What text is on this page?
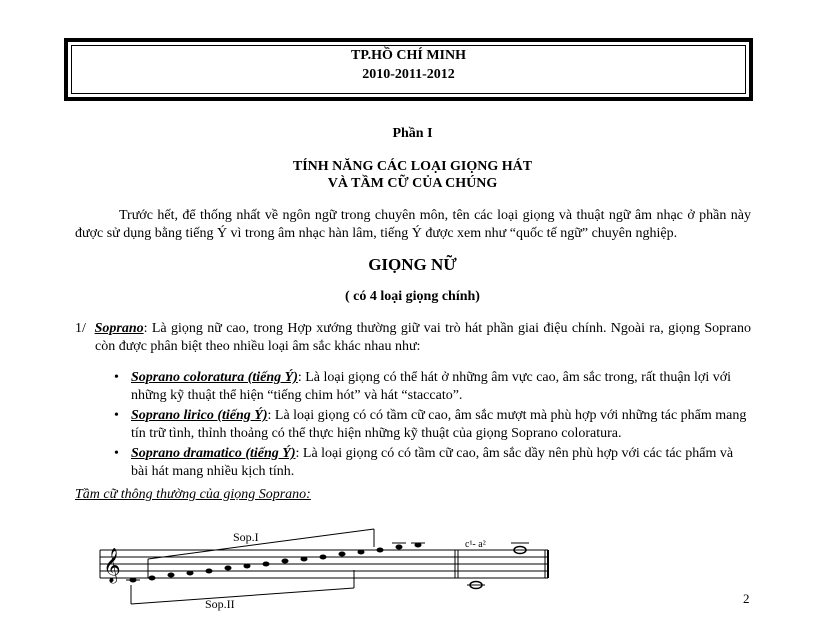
TP.HỒ CHÍ MINH
2010-2011-2012
Phần I
TÍNH NĂNG CÁC LOẠI GIỌNG HÁT
VÀ TẦM CỮ CỦA CHÚNG

Trước hết, để thống nhất về ngôn ngữ trong chuyên môn, tên các loại giọng và thuật ngữ âm nhạc ở phần này được sử dụng bằng tiếng Ý vì trong âm nhạc hàn lâm, tiếng Ý được xem như “quốc tế ngữ” chuyên nghiệp.

GIỌNG NỮ
( có 4 loại giọng chính)
1/ Soprano: Là giọng nữ cao, trong Hợp xướng thường giữ vai trò hát phần giai điệu chính. Ngoài ra, giọng Soprano còn được phân biệt theo nhiều loại âm sắc khác nhau như:
• Soprano coloratura (tiếng Ý): Là loại giọng có thể hát ở những âm vực cao, âm sắc trong, rất thuận lợi với những kỹ thuật thể hiện “tiếng chim hót” và hát “staccato”.
• Soprano lirico (tiếng Ý): Là loại giọng có có tầm cữ cao, âm sắc mượt mà phù hợp với những tác phẩm mang tín trữ tình, thỉnh thoảng có thể thực hiện những kỹ thuật của giọng Soprano coloratura.
• Soprano dramatico (tiếng Ý): Là loại giọng có có tầm cữ cao, âm sắc dầy nên phù hợp với các tác phẩm và bài hát mang nhiều kịch tính.
Tầm cữ thông thường của giọng Soprano:
𝄞
Sop.I
Sop.II
c¹- a²
2
